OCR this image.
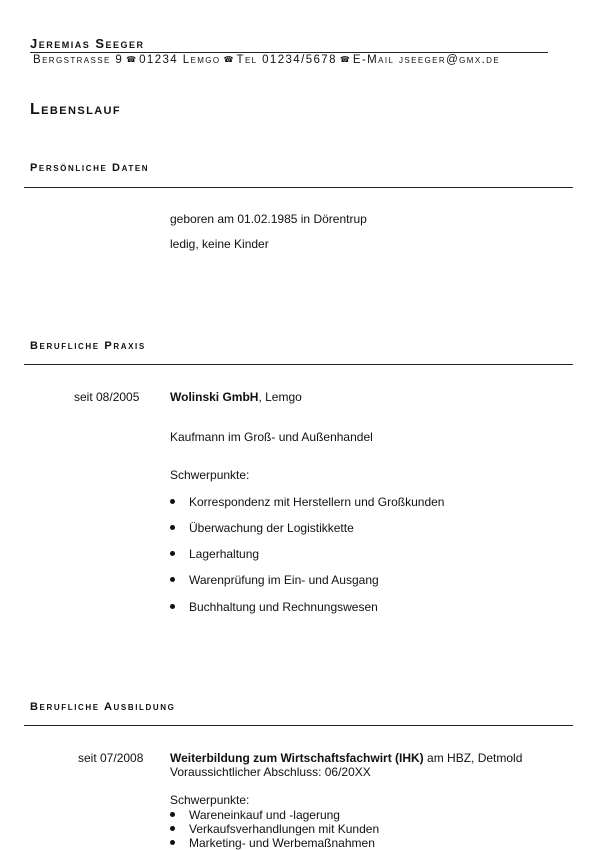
Jeremias Seeger
Bergstrasse 9 ☎ 01234 Lemgo ☎ Tel 01234/5678 ☎ E-Mail jseeger@gmx.de
Lebenslauf
Persönliche Daten
geboren am 01.02.1985 in Dörentrup
ledig, keine Kinder
Berufliche Praxis
seit 08/2005	Wolinski GmbH, Lemgo
Kaufmann im Groß- und Außenhandel
Schwerpunkte:
Korrespondenz mit Herstellern und Großkunden
Überwachung der Logistikkette
Lagerhaltung
Warenprüfung im Ein- und Ausgang
Buchhaltung und Rechnungswesen
Berufliche Ausbildung
seit 07/2008 Weiterbildung zum Wirtschaftsfachwirt (IHK) am HBZ, Detmold
Voraussichtlicher Abschluss: 06/20XX
Schwerpunkte:
Wareneinkauf und -lagerung
Verkaufsverhandlungen mit Kunden
Marketing- und Werbemaßnahmen
